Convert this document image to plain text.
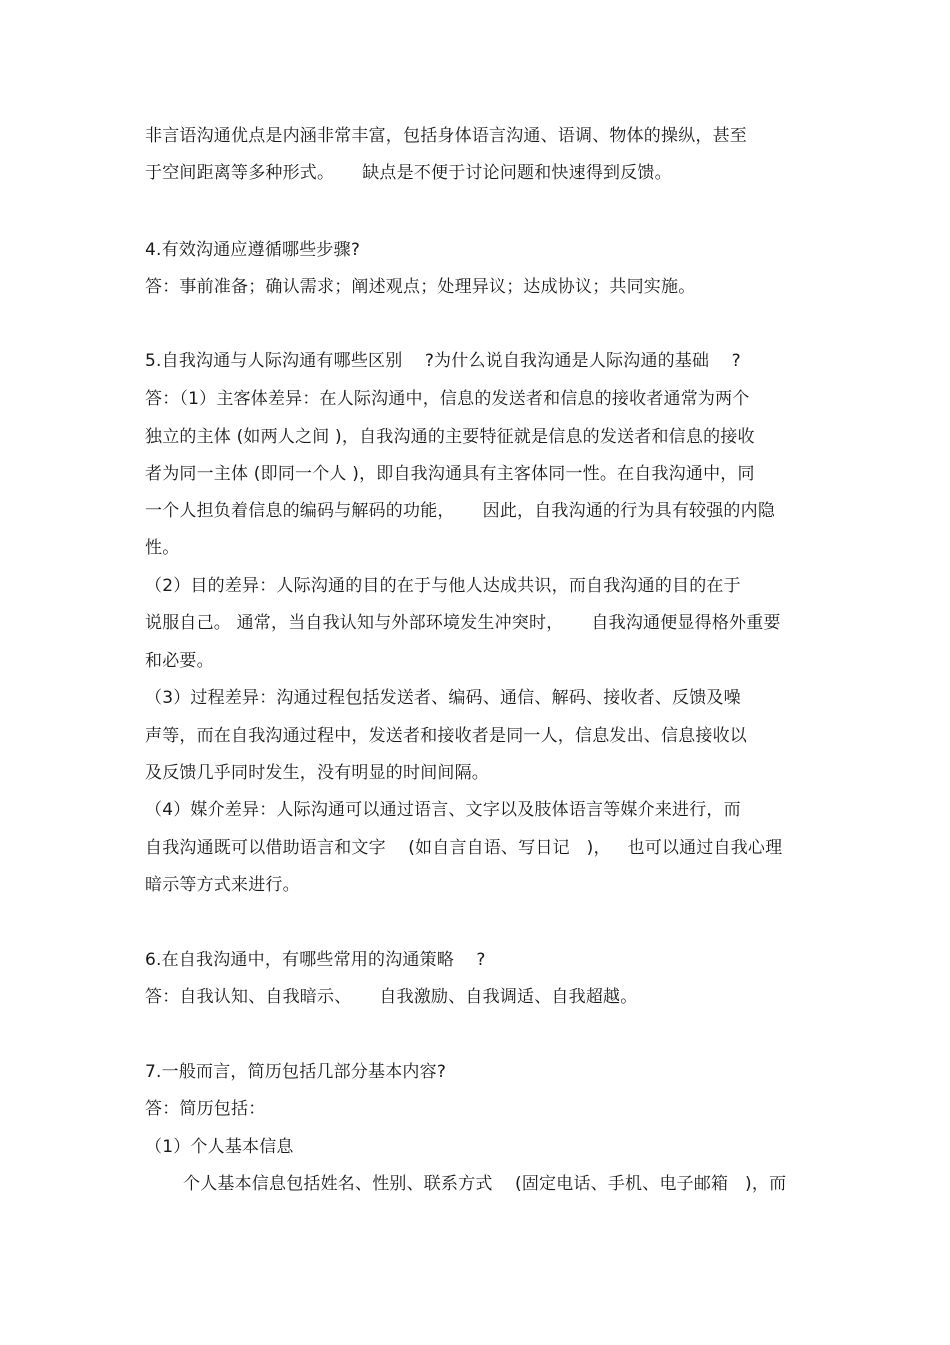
非言语沟通优点是内涵非常丰富，包括身体语言沟通、语调、物体的操纵，甚至
于空间距离等多种形式。     缺点是不便于讨论问题和快速得到反馈。
4.有效沟通应遵循哪些步骤?
答：事前准备；确认需求；阐述观点；处理异议；达成协议；共同实施。
5.自我沟通与人际沟通有哪些区别    ?为什么说自我沟通是人际沟通的基础    ?
答：（1）主客体差异：在人际沟通中，信息的发送者和信息的接收者通常为两个
独立的主体 (如两人之间 )，自我沟通的主要特征就是信息的发送者和信息的接收
者为同一主体 (即同一个人 )，即自我沟通具有主客体同一性。在自我沟通中，同
一个人担负着信息的编码与解码的功能，     因此，自我沟通的行为具有较强的内隐
性。
（2）目的差异：人际沟通的目的在于与他人达成共识，而自我沟通的目的在于
说服自己。 通常，当自我认知与外部环境发生冲突时，     自我沟通便显得格外重要
和必要。
（3）过程差异：沟通过程包括发送者、编码、通信、解码、接收者、反馈及噪
声等，而在自我沟通过程中，发送者和接收者是同一人，信息发出、信息接收以
及反馈几乎同时发生，没有明显的时间间隔。
（4）媒介差异：人际沟通可以通过语言、文字以及肢体语言等媒介来进行，而
自我沟通既可以借助语言和文字    (如自言自语、写日记   )，   也可以通过自我心理
暗示等方式来进行。
6.在自我沟通中，有哪些常用的沟通策略    ?
答：自我认知、自我暗示、     自我激励、自我调适、自我超越。
7.一般而言，简历包括几部分基本内容?
答：简历包括：
（1）个人基本信息
个人基本信息包括姓名、性别、联系方式    (固定电话、手机、电子邮箱   )，而
